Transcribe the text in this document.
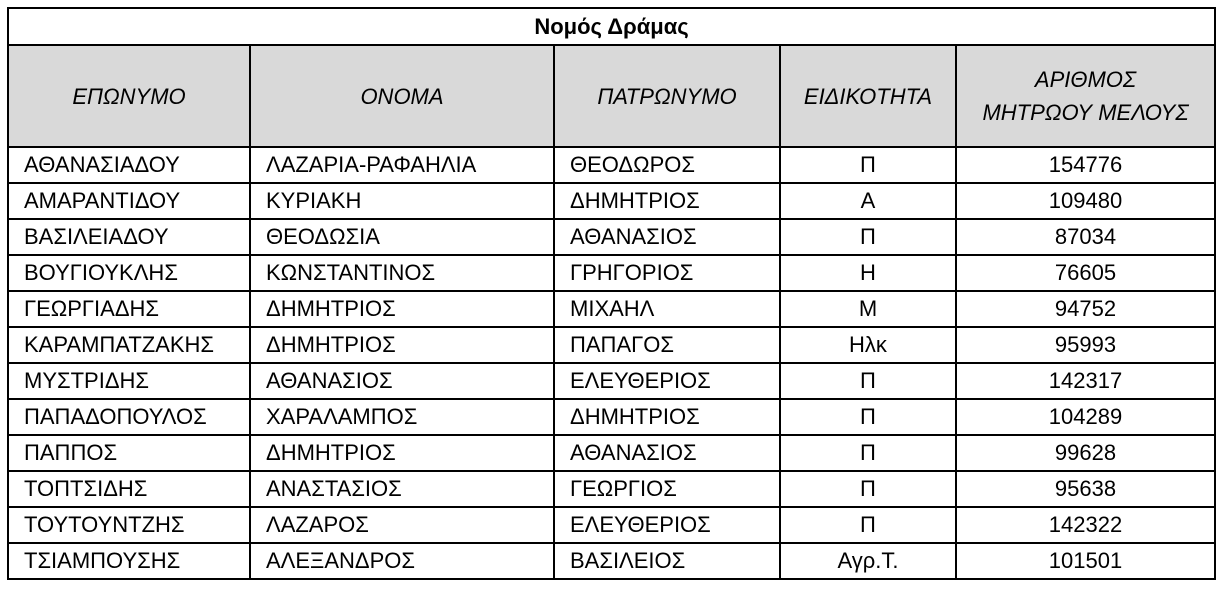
Νομός Δράμας				
ΕΠΩΝΥΜΟ	ΟΝΟΜΑ	ΠΑΤΡΩΝΥΜΟ	ΕΙΔΙΚΟΤΗΤΑ	ΑΡΙΘΜΟΣ
ΜΗΤΡΩΟΥ ΜΕΛΟΥΣ

ΑΘΑΝΑΣΙΑΔΟΥ	ΛΑΖΑΡΙΑ-ΡΑΦΑΗΛΙΑ	ΘΕΟΔΩΡΟΣ	Π	154776
ΑΜΑΡΑΝΤΙΔΟΥ	ΚΥΡΙΑΚΗ	ΔΗΜΗΤΡΙΟΣ	Α	109480
ΒΑΣΙΛΕΙΑΔΟΥ	ΘΕΟΔΩΣΙΑ	ΑΘΑΝΑΣΙΟΣ	Π	87034
ΒΟΥΓΙΟΥΚΛΗΣ	ΚΩΝΣΤΑΝΤΙΝΟΣ	ΓΡΗΓΟΡΙΟΣ	Η	76605
ΓΕΩΡΓΙΑΔΗΣ	ΔΗΜΗΤΡΙΟΣ	ΜΙΧΑΗΛ	Μ	94752
ΚΑΡΑΜΠΑΤΖΑΚΗΣ	ΔΗΜΗΤΡΙΟΣ	ΠΑΠΑΓΟΣ	Ηλκ	95993
ΜΥΣΤΡΙΔΗΣ	ΑΘΑΝΑΣΙΟΣ	ΕΛΕΥΘΕΡΙΟΣ	Π	142317
ΠΑΠΑΔΟΠΟΥΛΟΣ	ΧΑΡΑΛΑΜΠΟΣ	ΔΗΜΗΤΡΙΟΣ	Π	104289
ΠΑΠΠΟΣ	ΔΗΜΗΤΡΙΟΣ	ΑΘΑΝΑΣΙΟΣ	Π	99628
ΤΟΠΤΣΙΔΗΣ	ΑΝΑΣΤΑΣΙΟΣ	ΓΕΩΡΓΙΟΣ	Π	95638
ΤΟΥΤΟΥΝΤΖΗΣ	ΛΑΖΑΡΟΣ	ΕΛΕΥΘΕΡΙΟΣ	Π	142322
ΤΣΙΑΜΠΟΥΣΗΣ	ΑΛΕΞΑΝΔΡΟΣ	ΒΑΣΙΛΕΙΟΣ	Αγρ.Τ.	101501
